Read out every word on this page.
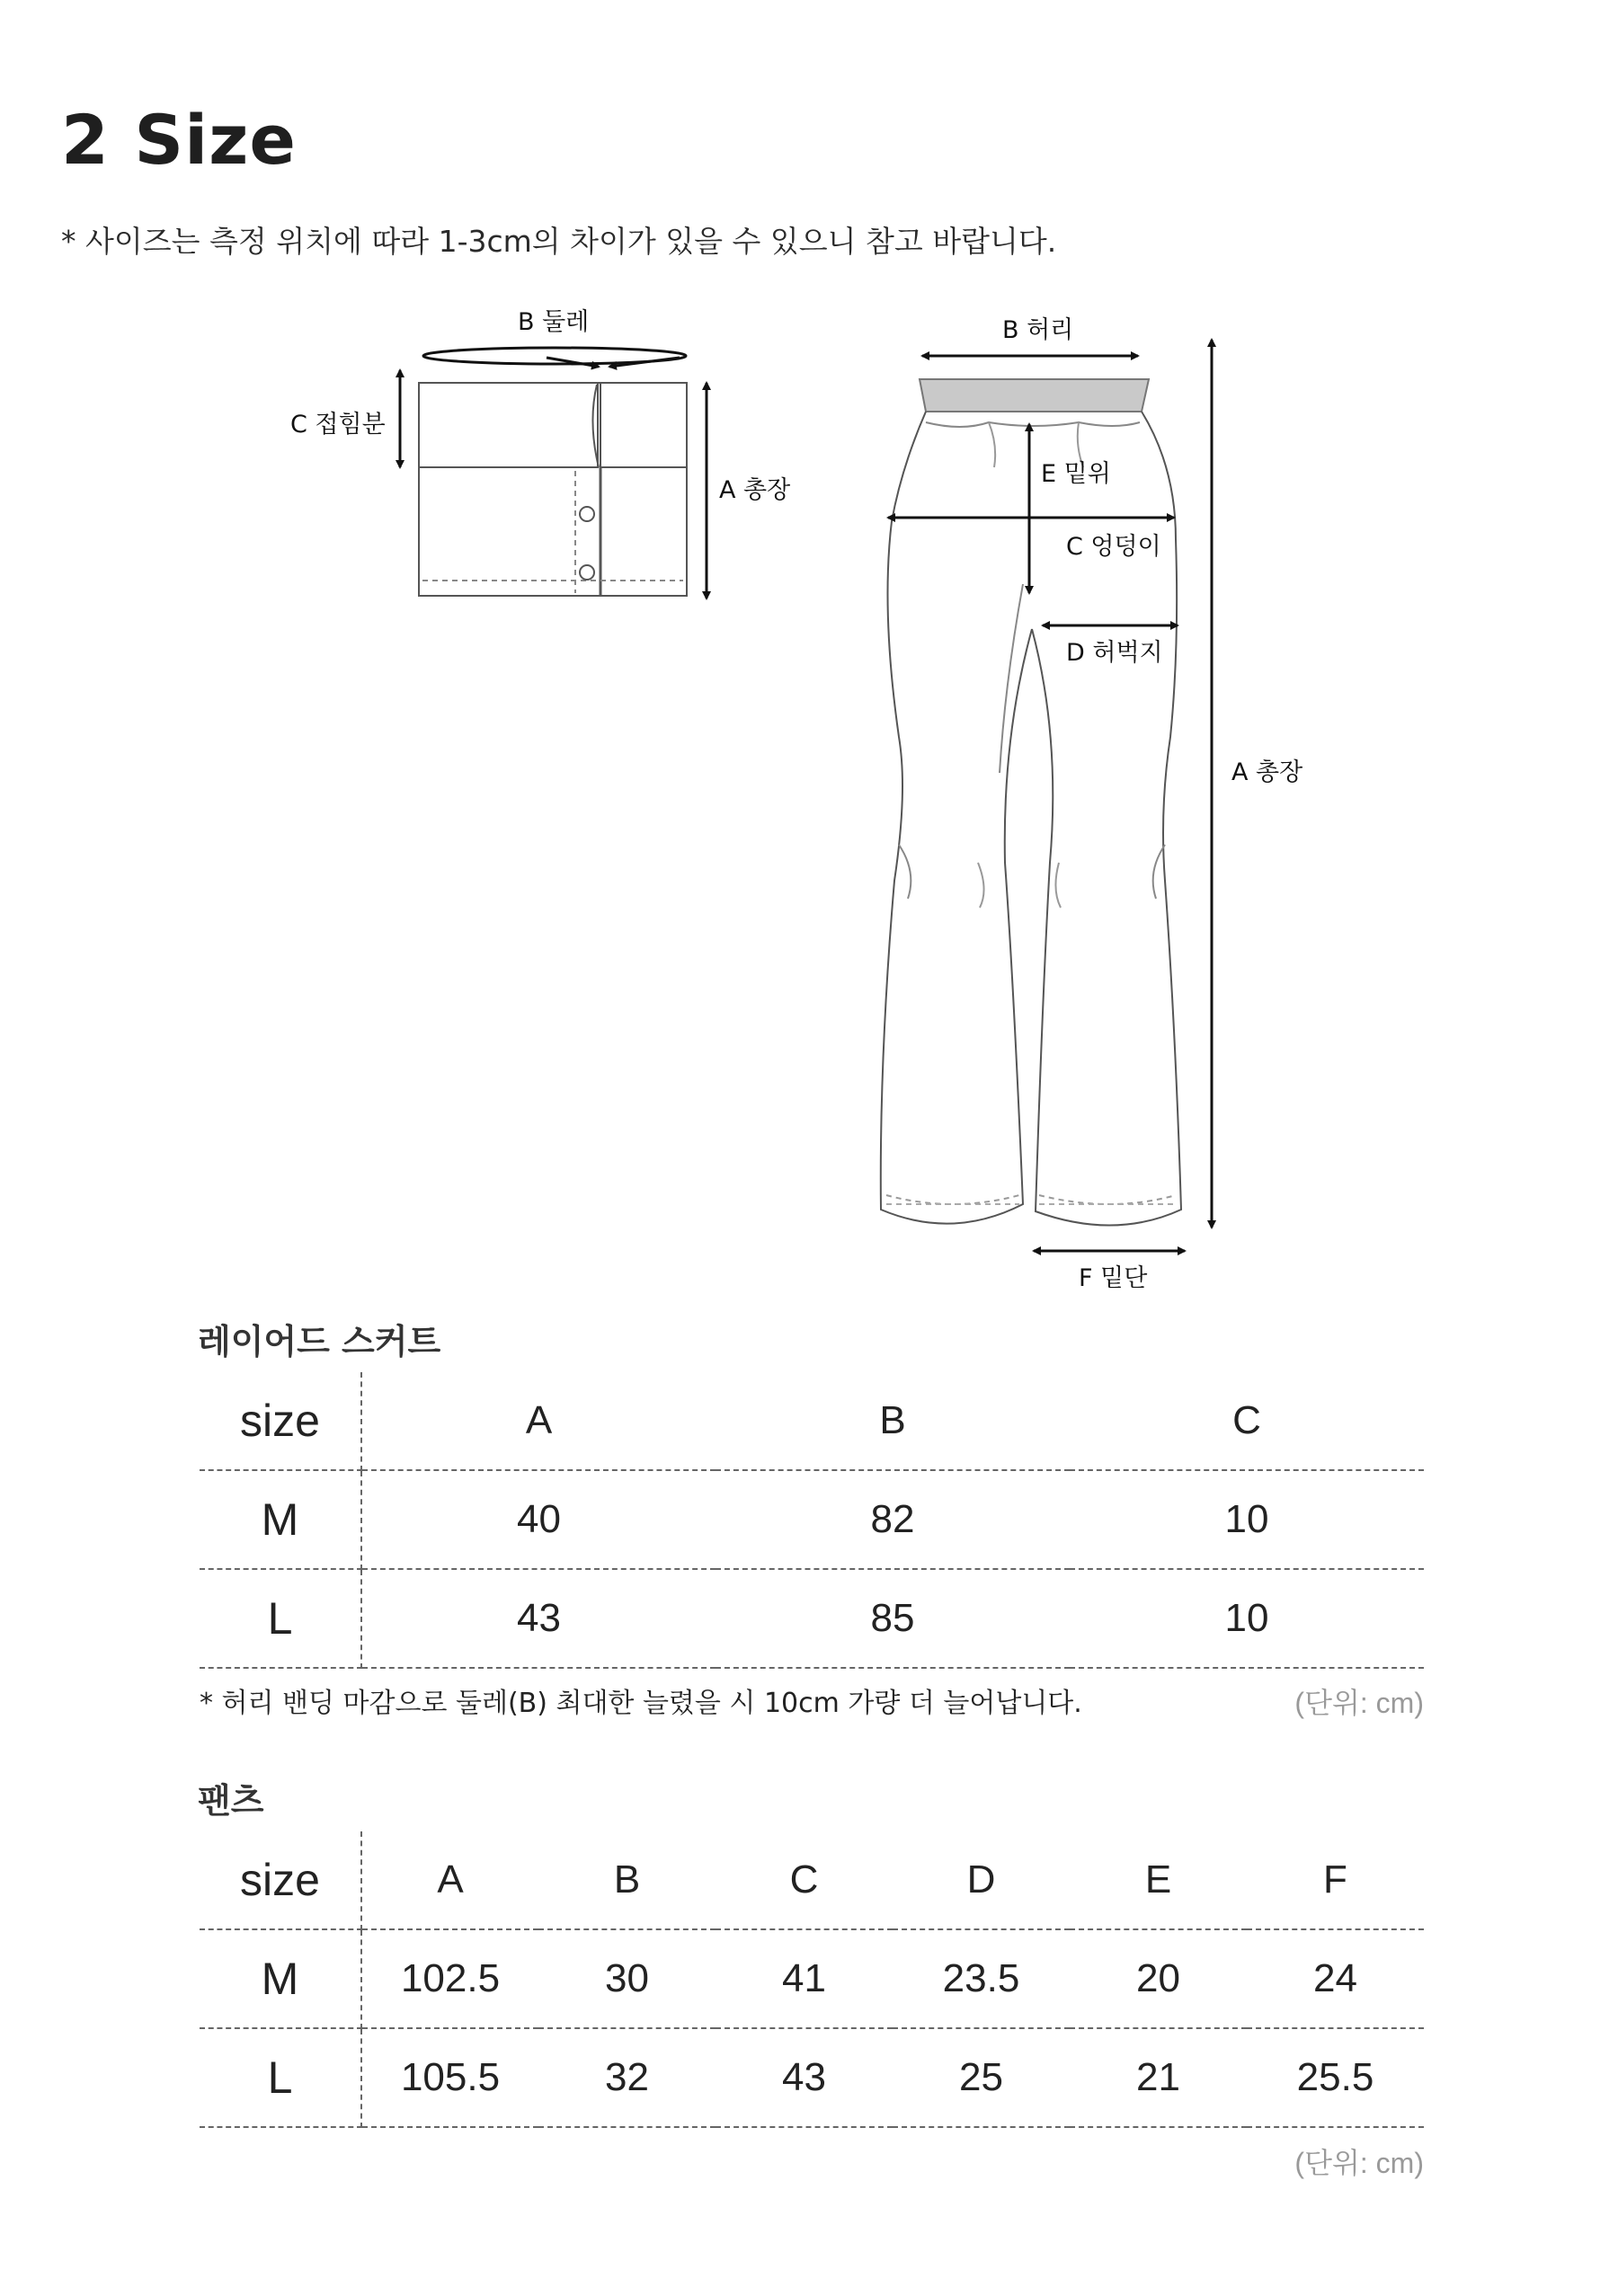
2 Size
* 사이즈는 측정 위치에 따라 1-3cm의 차이가 있을 수 있으니 참고 바랍니다.
B 둘레
C 접힘분
A 총장
B 허리
E 밑위
C 엉덩이
D 허벅지
A 총장
F 밑단
레이어드 스커트
size	A	B	C
M	40	82	10
L	43	85	10
* 허리 밴딩 마감으로 둘레(B) 최대한 늘렸을 시 10cm 가량 더 늘어납니다.	(단위: cm)
팬츠
size	A	B	C	D	E	F
M	102.5	30	41	23.5	20	24
L	105.5	32	43	25	21	25.5
(단위: cm)
